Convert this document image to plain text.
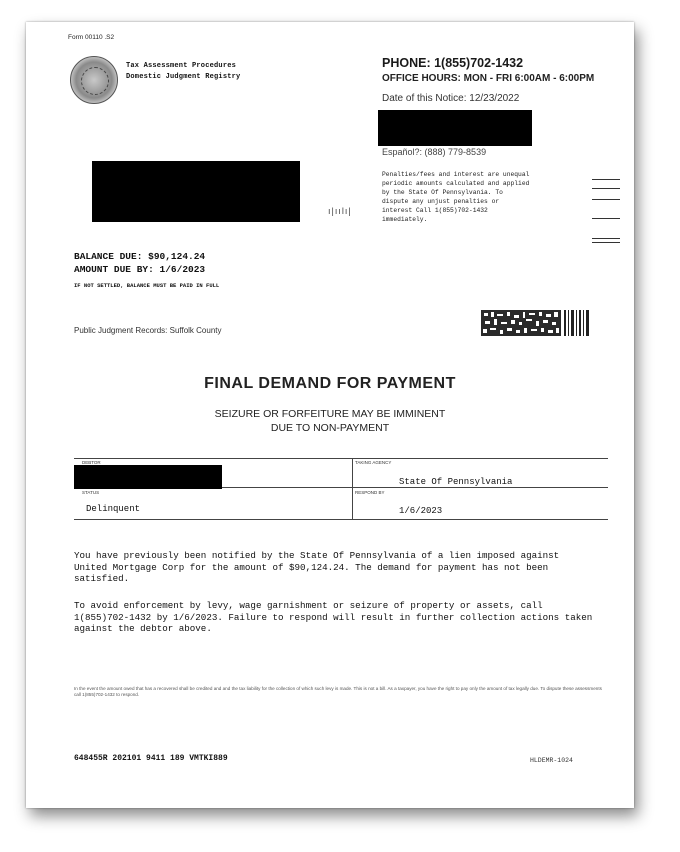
Form 00110 .S2
Tax Assessment Procedures
Domestic Judgment Registry
PHONE: 1(855)702-1432
OFFICE HOURS: MON - FRI 6:00AM - 6:00PM
Date of this Notice: 12/23/2022
Español?: (888) 779-8539
Penalties/fees and interest are unequal periodic amounts calculated and applied by the State Of Pennsylvania. To dispute any unjust penalties or interest Call 1(855)702-1432 immediately.
ı|ıılı|
BALANCE DUE: $90,124.24
AMOUNT DUE BY: 1/6/2023
IF NOT SETTLED, BALANCE MUST BE PAID IN FULL
Public Judgment Records: Suffolk County
FINAL DEMAND FOR PAYMENT
SEIZURE OR FORFEITURE MAY BE IMMINENT
DUE TO NON-PAYMENT
DEBTOR	TAKING AGENCY
State Of Pennsylvania
STATUS
Delinquent
RESPOND BY
1/6/2023
You have previously been notified by the State Of Pennsylvania of a lien imposed against United Mortgage Corp for the amount of $90,124.24. The demand for payment has not been satisfied.
To avoid enforcement by levy, wage garnishment or seizure of property or assets, call 1(855)702-1432 by 1/6/2023. Failure to respond will result in further collection actions taken against the debtor above.
In the event the amount owed that has a recovered shall be credited and and the tax liability for the collection of which such levy is made. This is not a bill. As a taxpayer, you have the right to pay only the amount of tax legally due. To dispute these assessments call 1(855)702-1432 to respond.
648455R 202101 9411 189 VMTKI889	HLDEMR-1024
